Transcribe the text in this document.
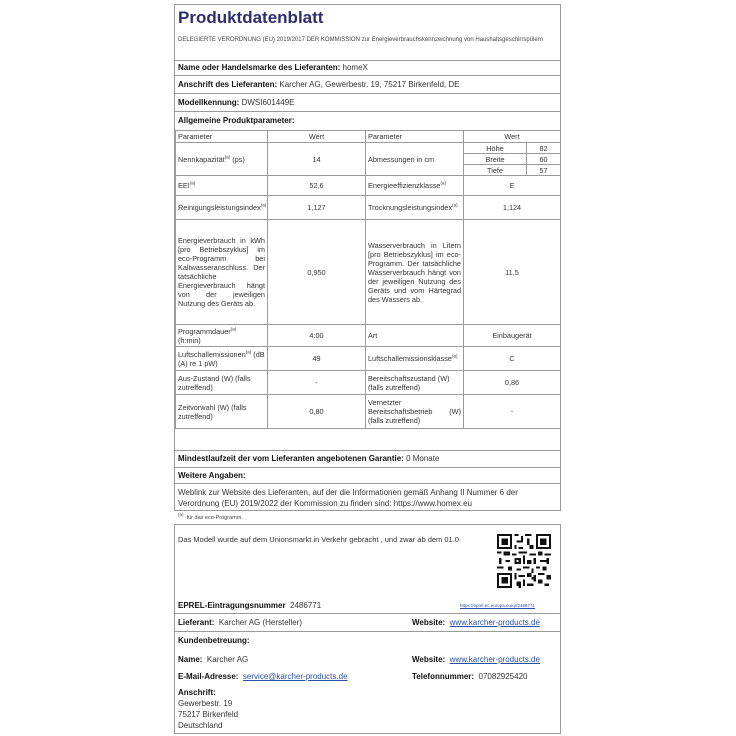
Produktdatenblatt
DELEGIERTE VERORDNUNG (EU) 2019/2017 DER KOMMISSION zur Energieverbrauchskennzeichnung von Haushaltsgeschirrspülern
Name oder Handelsmarke des Lieferanten: homeX
Anschrift des Lieferanten: Karcher AG, Gewerbestr. 19, 75217 Birkenfeld, DE
Modellkennung: DWSI601449E
Allgemeine Produktparameter:
Parameter	Wert	Parameter	Wert
Nennkapazität$^{(a)}$ (ps)	14	Abmessungen in cm	
Höhe	82
Breite	60
Tiefe	57

EEI$^{(a)}$	52,6	Energieeffizienzklasse$^{(a)}$	E
Reinigungsleistungsindex$^{(a)}$	1,127	Trocknungsleistungsindex$^{(a)}$	1,124
Energieverbrauch in kWh [pro Betriebszyklus] im eco-Programm bei Kaltwasseranschluss. Der tatsächliche Energieverbrauch hängt von der jeweiligen Nutzung des Geräts ab.	0,950	Wasserverbrauch in Litern [pro Betriebszyklus] im eco-Programm. Der tatsächliche Wasserverbrauch hängt von der jeweiligen Nutzung des Geräts und vom Härtegrad des Wassers ab.	11,5
Programmdauer$^{(a)}$
(h:min)	4:00	Art	Einbaugerät
Luftschallemissionen$^{(a)}$ (dB (A) re 1 pW)	49	Luftschallemissionsklasse$^{(a)}$	C
Aus-Zustand (W) (falls zutreffend)	-	Bereitschaftszustand (W) (falls zutreffend)	0,86
Zeitvorwahl (W) (falls zutreffend)	0,80	Vernetzter Bereitschaftsbetrieb (W) (falls zutreffend)	-
Mindestlaufzeit der vom Lieferanten angebotenen Garantie: 0 Monate
Weitere Angaben:
Weblink zur Website des Lieferanten, auf der die Informationen gemäß Anhang II Nummer 6 der Verordnung (EU) 2019/2022 der Kommission zu finden sind: https://www.homex.eu
$^{(a)}$  für das eco-Programm.
Das Modell wurde auf dem Unionsmarkt in Verkehr gebracht , und zwar ab dem 01.0
EPREL-Eintragungsnummer 2486771	https://eprel.ec.europa.eu/qr/2486771
Lieferant: Karcher AG (Hersteller)	Website: www.karcher-products.de
Kundenbetreuung:
Name: Karcher AG	Website: www.karcher-products.de
E-Mail-Adresse: service@karcher-products.de	Telefonnummer: 07082925420
Anschrift:
Gewerbestr. 19
75217 Birkenfeld
Deutschland
